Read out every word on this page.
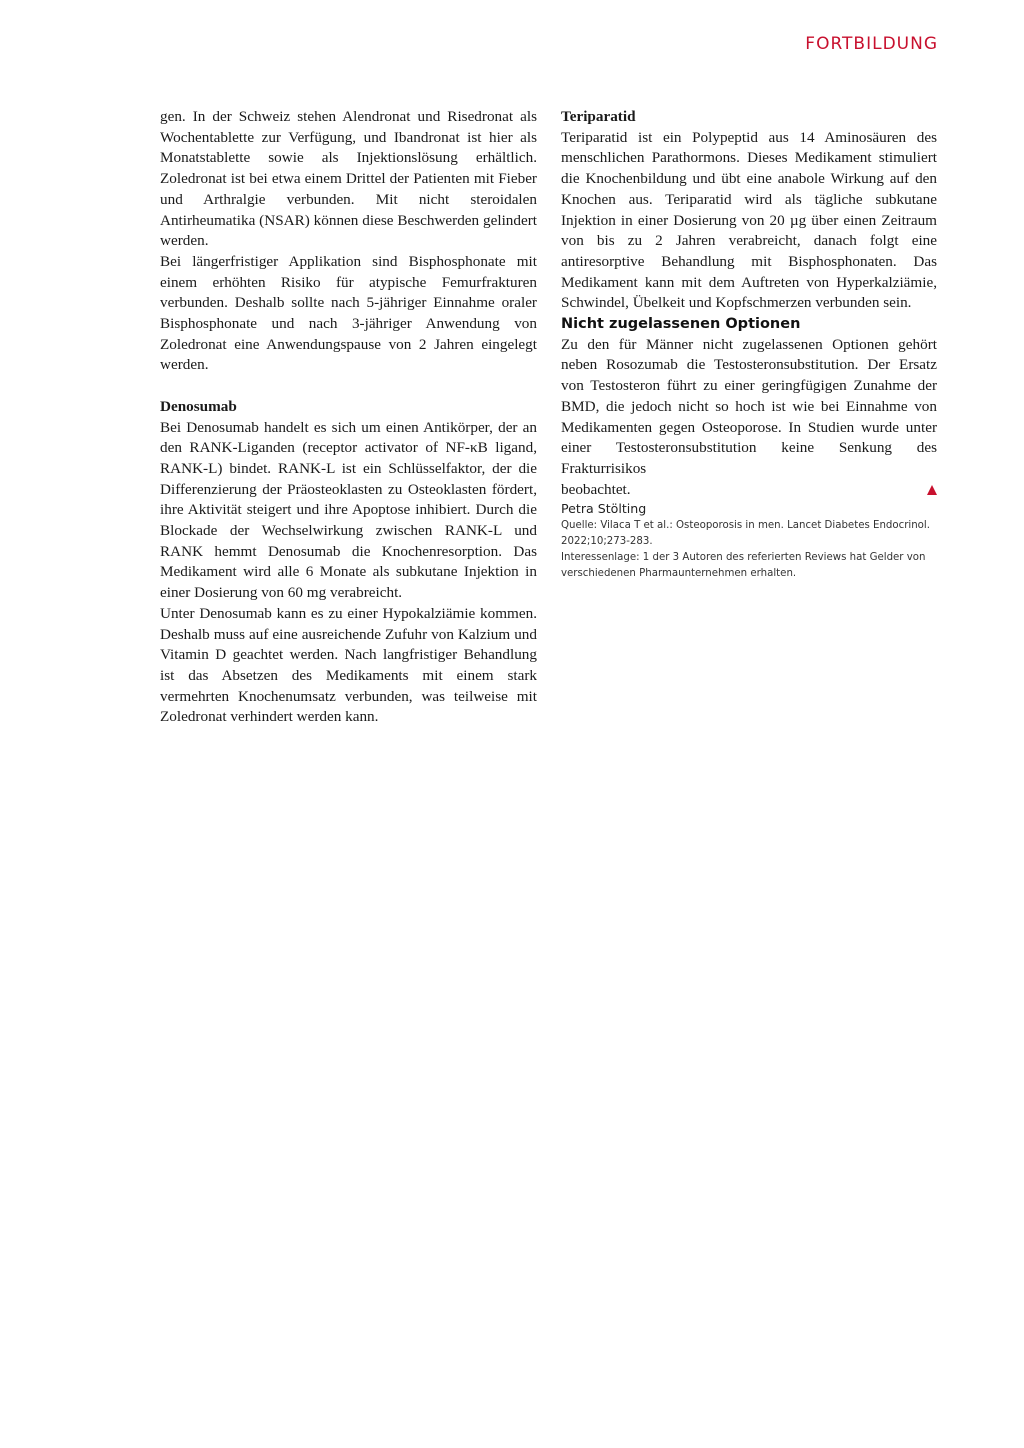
FORTBILDUNG

gen. In der Schweiz stehen Alendronat und Risedronat als Wochentablette zur Verfügung, und Ibandronat ist hier als Monatstablette sowie als Injektionslösung erhältlich. Zoledronat ist bei etwa einem Drittel der Patienten mit Fieber und Arthralgie verbunden. Mit nicht steroidalen Antirheumatika (NSAR) können diese Beschwerden gelindert werden.

Bei längerfristiger Applikation sind Bisphosphonate mit einem erhöhten Risiko für atypische Femurfrakturen verbunden. Deshalb sollte nach 5-jähriger Einnahme oraler Bisphosphonate und nach 3-jähriger Anwendung von Zoledronat eine Anwendungspause von 2 Jahren eingelegt werden.

Denosumab

Bei Denosumab handelt es sich um einen Antikörper, der an den RANK-Liganden (receptor activator of NF-κB ligand, RANK-L) bindet. RANK-L ist ein Schlüsselfaktor, der die Differenzierung der Präosteoklasten zu Osteoklasten fördert, ihre Aktivität steigert und ihre Apoptose inhibiert. Durch die Blockade der Wechselwirkung zwischen RANK-L und RANK hemmt Denosumab die Knochenresorption. Das Medikament wird alle 6 Monate als subkutane Injektion in einer Dosierung von 60 mg verabreicht.

Unter Denosumab kann es zu einer Hypokalziämie kommen. Deshalb muss auf eine ausreichende Zufuhr von Kalzium und Vitamin D geachtet werden. Nach langfristiger Behandlung ist das Absetzen des Medikaments mit einem stark vermehrten Knochenumsatz verbunden, was teilweise mit Zoledronat verhindert werden kann.

Teriparatid

Teriparatid ist ein Polypeptid aus 14 Aminosäuren des menschlichen Parathormons. Dieses Medikament stimuliert die Knochenbildung und übt eine anabole Wirkung auf den Knochen aus. Teriparatid wird als tägliche subkutane Injektion in einer Dosierung von 20 µg über einen Zeitraum von bis zu 2 Jahren verabreicht, danach folgt eine antiresorptive Behandlung mit Bisphosphonaten. Das Medikament kann mit dem Auftreten von Hyperkalziämie, Schwindel, Übelkeit und Kopfschmerzen verbunden sein.

Nicht zugelassenen Optionen

Zu den für Männer nicht zugelassenen Optionen gehört neben Rosozumab die Testosteronsubstitution. Der Ersatz von Testosteron führt zu einer geringfügigen Zunahme der BMD, die jedoch nicht so hoch ist wie bei Einnahme von Medikamenten gegen Osteoporose. In Studien wurde unter einer Testosteronsubstitution keine Senkung des Frakturrisikos

beobachtet.

Petra Stölting

Quelle: Vilaca T et al.: Osteoporosis in men. Lancet Diabetes Endocrinol. 2022;10;273-283.

Interessenlage: 1 der 3 Autoren des referierten Reviews hat Gelder von verschiedenen Pharmaunternehmen erhalten.
